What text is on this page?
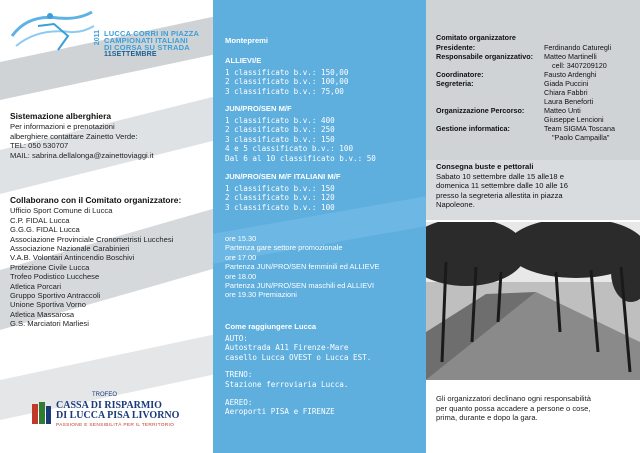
2011 LUCCA CORRI IN PIAZZA
CAMPIONATI ITALIANI
DI CORSA SU STRADA
11SETTEMBRE
Sistemazione alberghiera
Per informazioni e prenotazioni
alberghiere contattare Zainetto Verde:
TEL: 050 530707
MAIL: sabrina.dellalonga@zainettoviaggi.it
Collaborano con il Comitato organizzatore:
Ufficio Sport Comune di Lucca
C.P. FIDAL Lucca
G.G.G. FIDAL Lucca
Associazione Provinciale Cronometristi Lucchesi
Associazione Nazionale Carabinieri
V.A.B. Volontari Antincendio Boschivi
Protezione Civile Lucca
Trofeo Podistico Lucchese
Atletica Porcari
Gruppo Sportivo Antraccoli
Unione Sportiva Vorno
Atletica Massarosa
G.S. Marciatori Marliesi
TROFEO
CASSA DI RISPARMIO
DI LUCCA PISA LIVORNO
PASSIONE E SENSIBILITÀ PER IL TERRITORIO
Montepremi
ALLIEVI/E
1 classificato b.v.: 150,00
2 classificato b.v.: 100,00
3 classificato b.v.: 75,00
JUN/PRO/SEN M/F
1 classificato b.v.: 400
2 classificato b.v.: 250
3 classificato b.v.: 150
4 e 5 classificato b.v.: 100
Dal 6 al 10 classificato b.v.: 50
JUN/PRO/SEN M/F ITALIANI M/F
1 classificato b.v.: 150
2 classificato b.v.: 120
3 classificato b.v.: 100
ore 15.30
Partenza gare settore promozionale
ore 17.00
Partenza JUN/PRO/SEN femminili ed ALLIEVE
ore 18.00
Partenza JUN/PRO/SEN maschili ed ALLIEVI
ore 19.30 Premiazioni
Come raggiungere Lucca
AUTO:
Autostrada A11 Firenze-Mare
casello Lucca OVEST o Lucca EST.
TRENO:
Stazione ferroviaria Lucca.
AEREO:
Aeroporti PISA e FIRENZE
Comitato organizzatore
Presidente:	Ferdinando Caturegli
Responsabile organizzativo: Matteo Martinelli
cell: 3407209120
Coordinatore:	Fausto Ardenghi
Segreteria:	Giada Puccini
Chiara Fabbri
Laura Beneforti
Organizzazione Percorso:	Matteo Unti
Giuseppe Lencioni
Gestione informatica:	Team SIGMA Toscana
"Paolo Campailla"
Consegna buste e pettorali
Sabato 10 settembre dalle 15 alle18 e
domenica 11 settembre dalle 10 alle 16
presso la segreteria allestita in piazza
Napoleone.
Gli organizzatori declinano ogni responsabilità
per quanto possa accadere a persone o cose,
prima, durante e dopo la gara.
